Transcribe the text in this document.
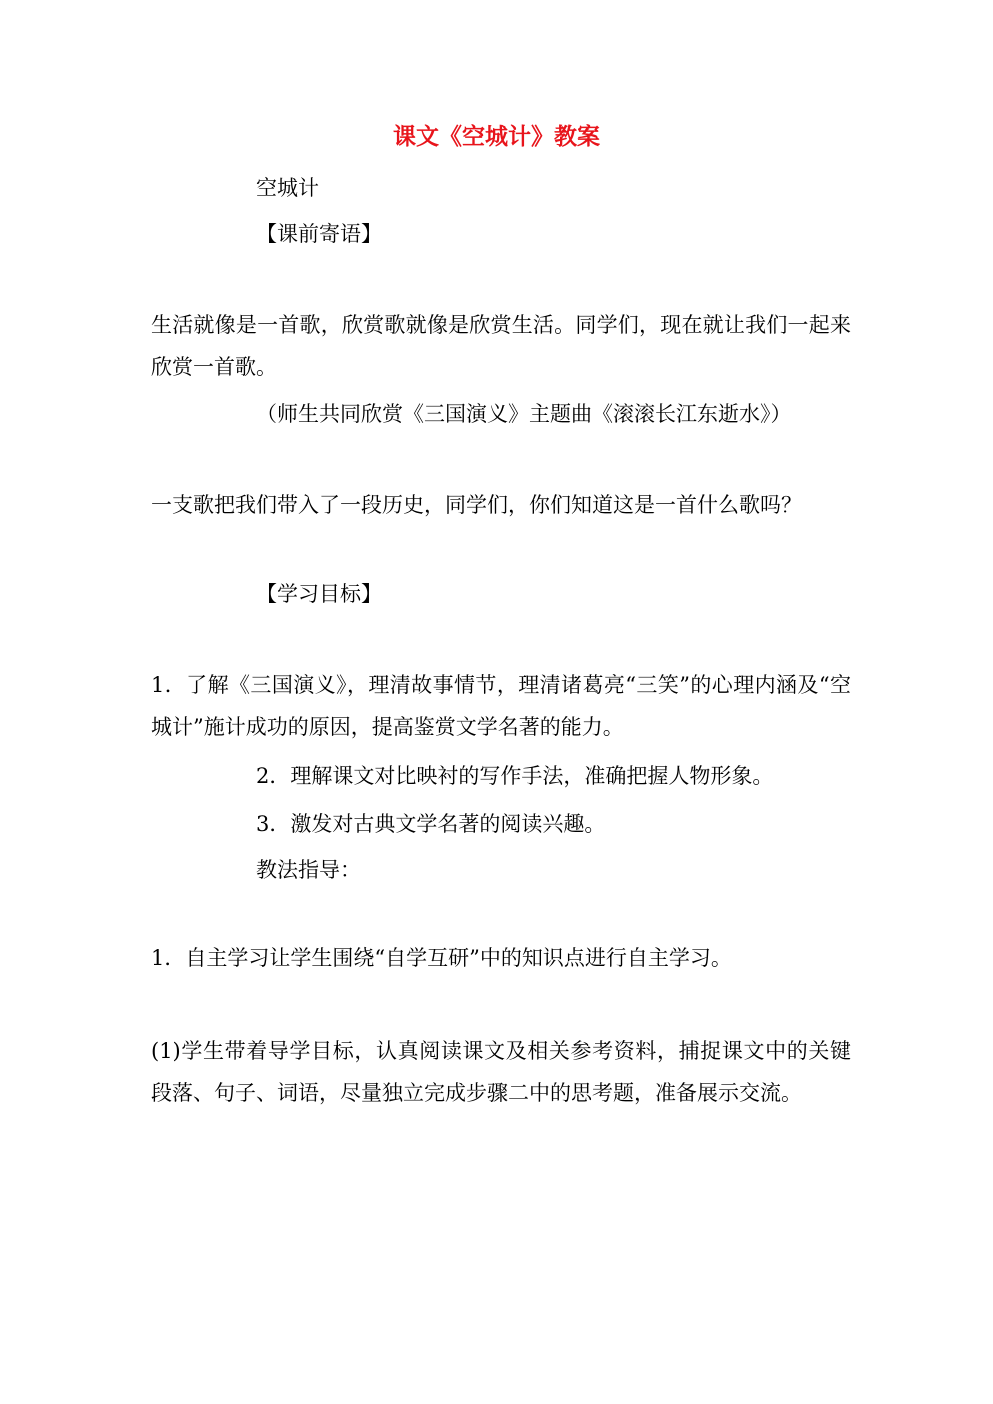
课文《空城计》教案
空城计
【课前寄语】
生活就像是一首歌，欣赏歌就像是欣赏生活。同学们，现在就让我们一起来欣赏一首歌。
（师生共同欣赏《三国演义》主题曲《滚滚长江东逝水》）
一支歌把我们带入了一段历史，同学们，你们知道这是一首什么歌吗？
【学习目标】
1．了解《三国演义》，理清故事情节，理清诸葛亮“三笑”的心理内涵及“空城计”施计成功的原因，提高鉴赏文学名著的能力。
2．理解课文对比映衬的写作手法，准确把握人物形象。
3．激发对古典文学名著的阅读兴趣。
教法指导：
1．自主学习让学生围绕“自学互研”中的知识点进行自主学习。
(1)学生带着导学目标，认真阅读课文及相关参考资料，捕捉课文中的关键段落、句子、词语，尽量独立完成步骤二中的思考题，准备展示交流。
